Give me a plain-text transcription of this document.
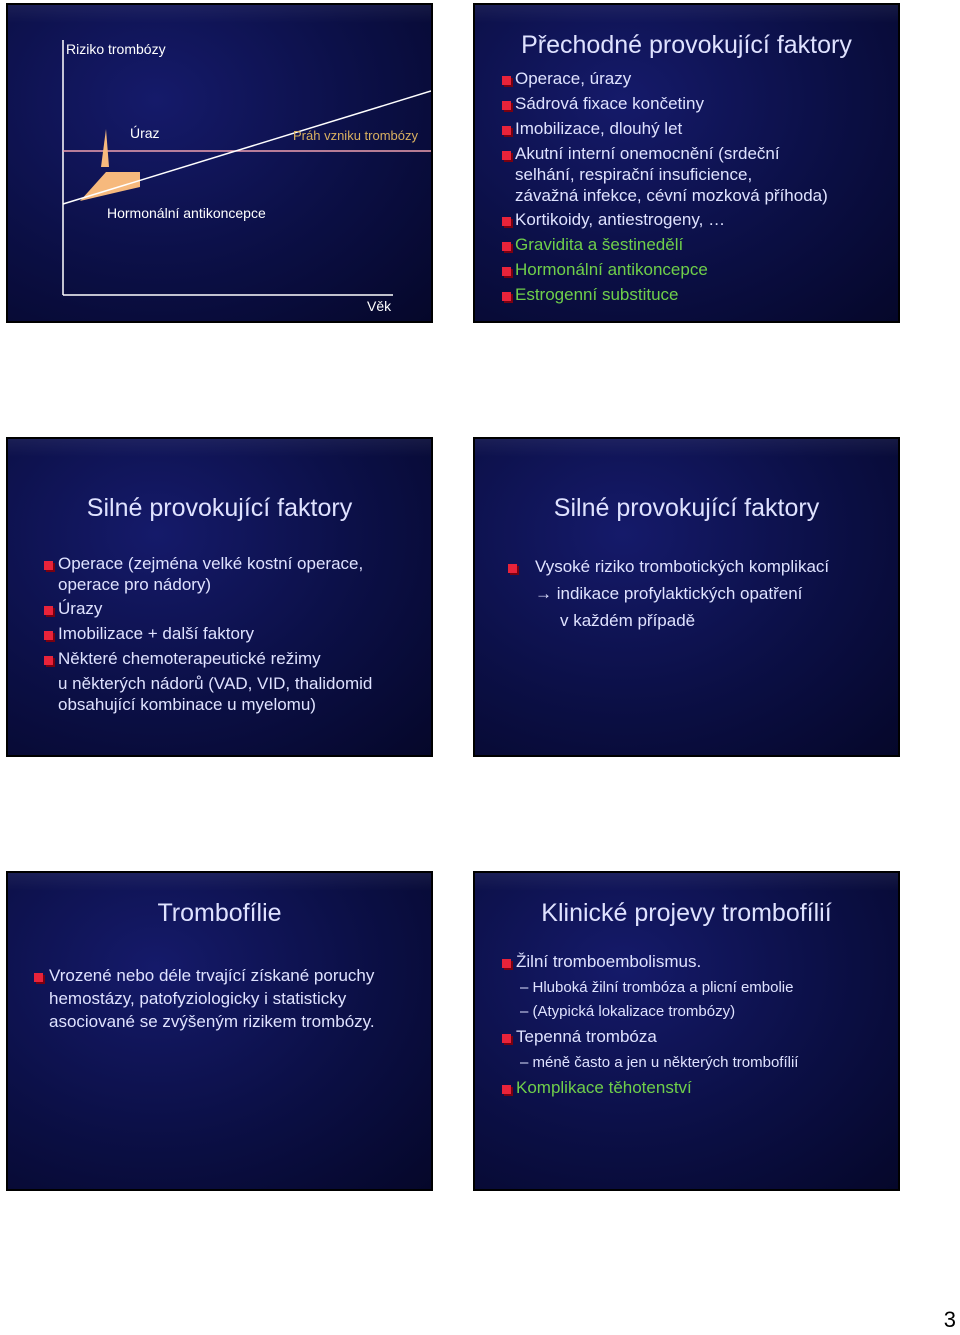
Riziko trombózy
Úraz	Práh vzniku trombózy
Hormonální antikoncepce
Věk
Přechodné provokující faktory
Operace, úrazy
Sádrová fixace končetiny
Imobilizace, dlouhý let
Akutní interní onemocnění (srdeční
selhání, respirační insuficience,
závažná infekce, cévní mozková příhoda)
Kortikoidy, antiestrogeny, …
Gravidita a šestinedělí
Hormonální antikoncepce
Estrogenní substituce
Silné provokující faktory
Operace (zejména velké kostní operace,
operace pro nádory)
Úrazy
Imobilizace + další faktory
Některé chemoterapeutické režimy
u některých nádorů (VAD, VID, thalidomid
obsahující kombinace u myelomu)
Silné provokující faktory
Vysoké riziko trombotických komplikací
→ indikace profylaktických opatření
v každém případě
Trombofílie
Vrozené nebo déle trvající získané poruchy
hemostázy, patofyziologicky i statisticky
asociované se zvýšeným rizikem trombózy.
Klinické projevy trombofílií
Žilní tromboembolismus.
– Hluboká žilní trombóza a plicní embolie
– (Atypická lokalizace trombózy)
Tepenná trombóza
– méně často a jen u některých trombofílií
Komplikace těhotenství
3
